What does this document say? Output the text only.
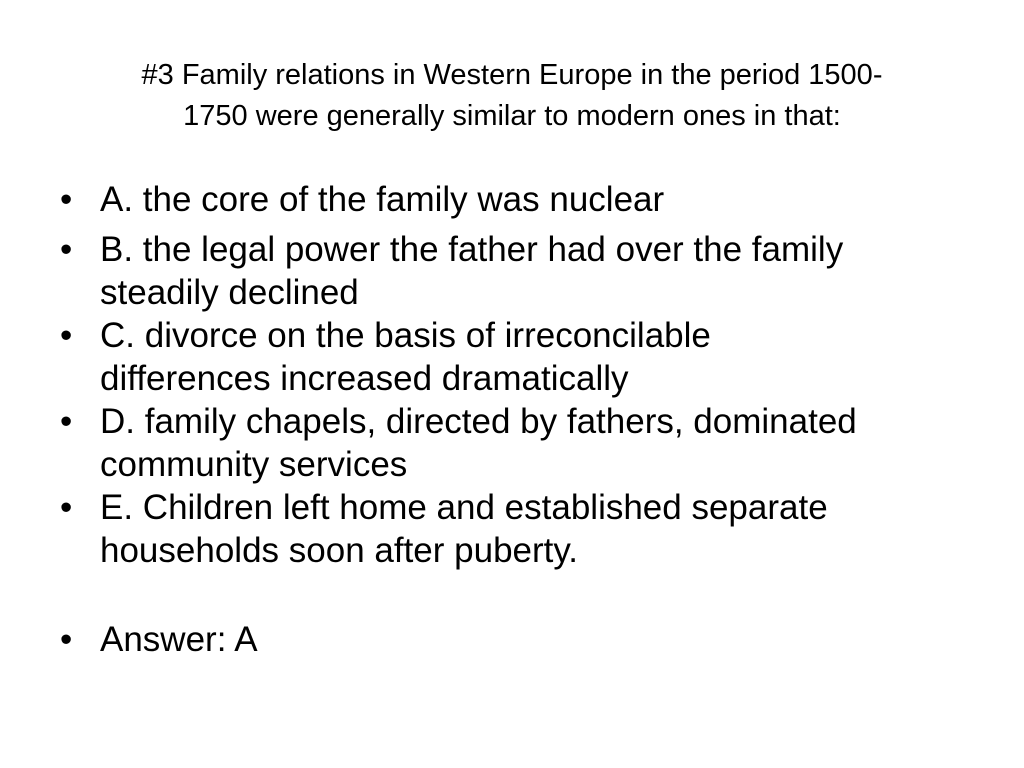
#3 Family relations in Western Europe in the period 1500-
1750 were generally similar to modern ones in that:
• A. the core of the family was nuclear
• B. the legal power the father had over the family
steadily declined
• C. divorce on the basis of irreconcilable
differences increased dramatically
• D. family chapels, directed by fathers, dominated
community services
• E. Children left home and established separate
households soon after puberty.
• Answer: A
